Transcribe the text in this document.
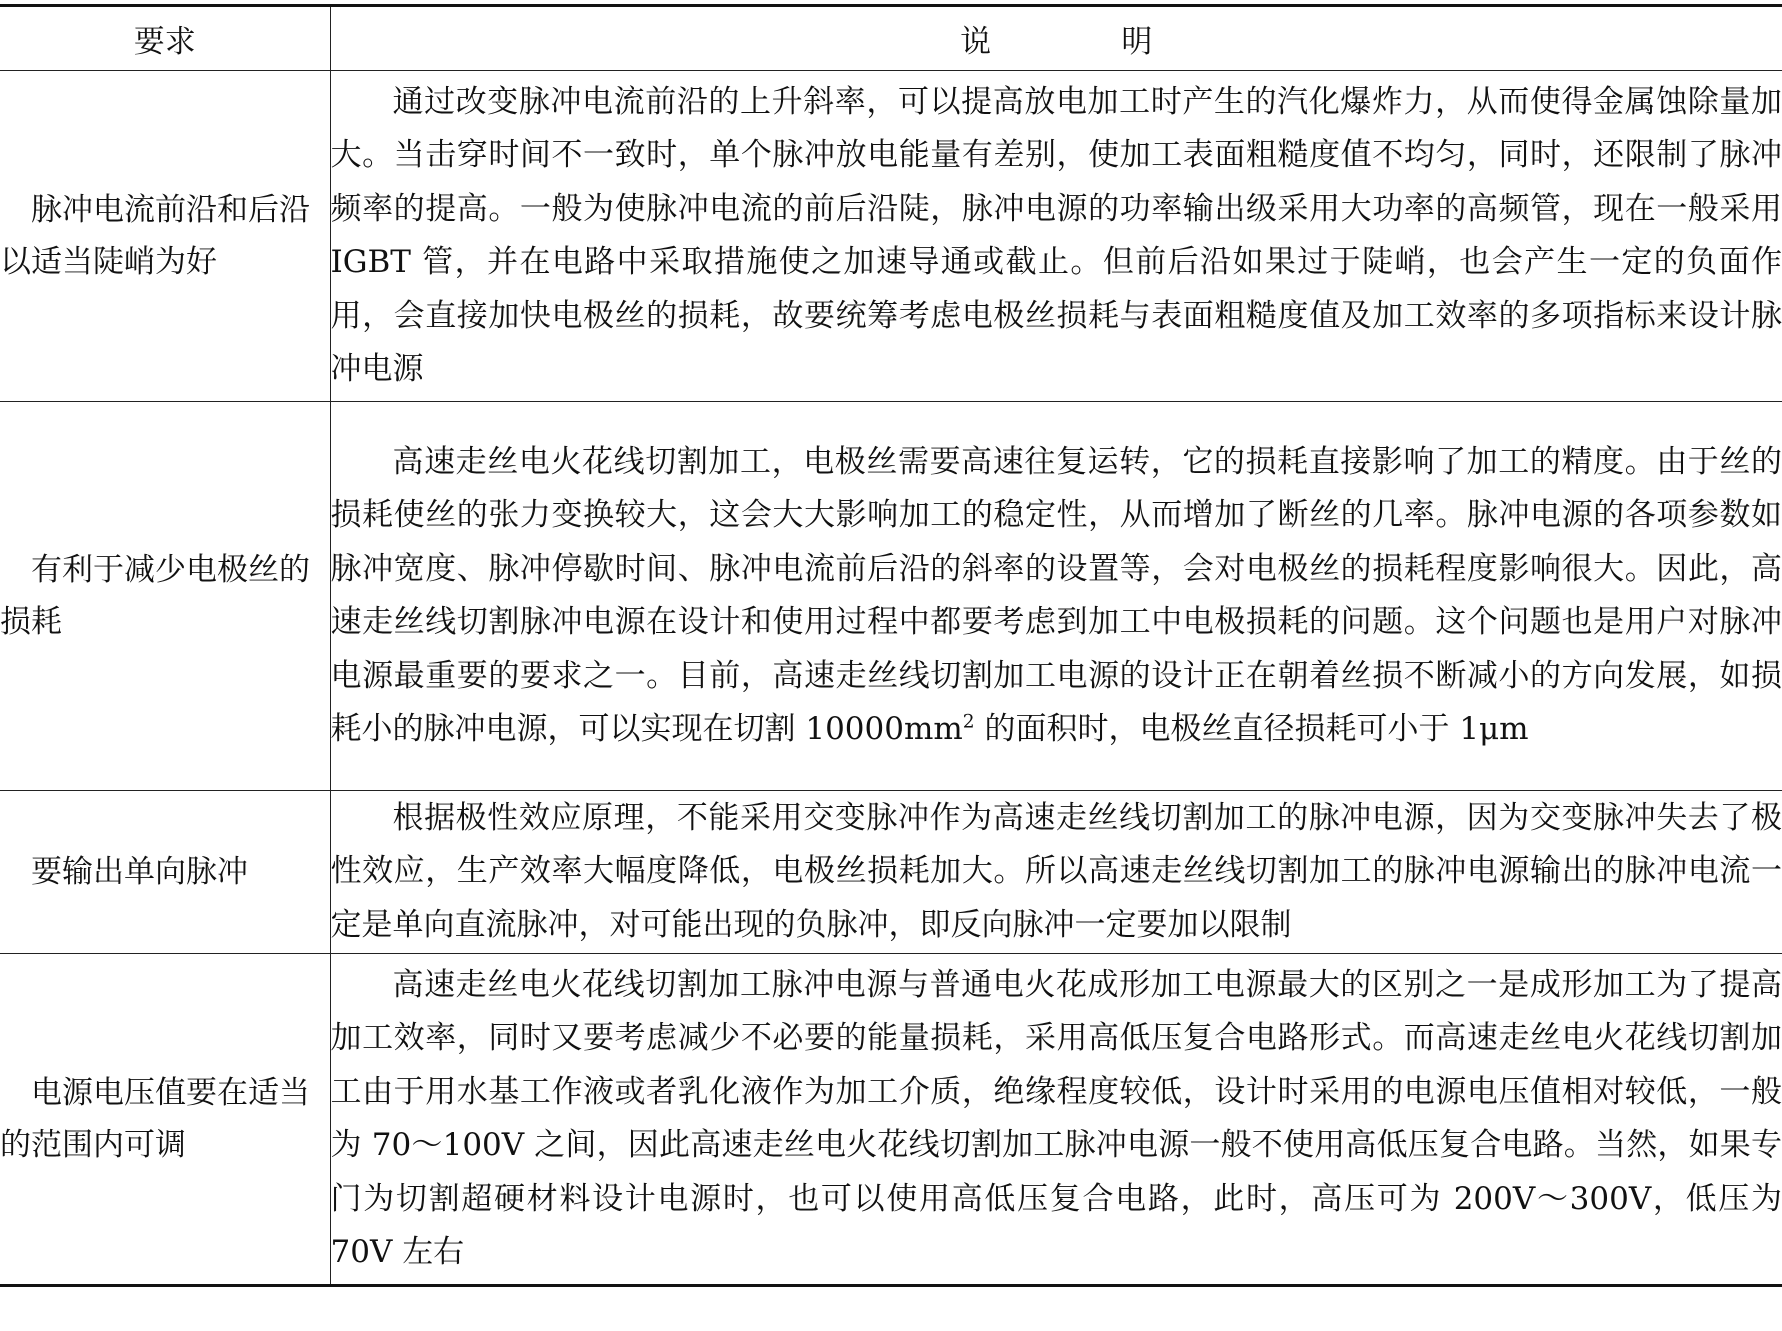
要求	说　明
脉冲电流前沿和后沿以适当陡峭为好	通过改变脉冲电流前沿的上升斜率，可以提高放电加工时产生的汽化爆炸力，从而使得金属蚀除量加大。当击穿时间不一致时，单个脉冲放电能量有差别，使加工表面粗糙度值不均匀，同时，还限制了脉冲频率的提高。一般为使脉冲电流的前后沿陡，脉冲电源的功率输出级采用大功率的高频管，现在一般采用 IGBT 管，并在电路中采取措施使之加速导通或截止。但前后沿如果过于陡峭，也会产生一定的负面作用，会直接加快电极丝的损耗，故要统筹考虑电极丝损耗与表面粗糙度值及加工效率的多项指标来设计脉冲电源
有利于减少电极丝的损耗	高速走丝电火花线切割加工，电极丝需要高速往复运转，它的损耗直接影响了加工的精度。由于丝的损耗使丝的张力变换较大，这会大大影响加工的稳定性，从而增加了断丝的几率。脉冲电源的各项参数如脉冲宽度、脉冲停歇时间、脉冲电流前后沿的斜率的设置等，会对电极丝的损耗程度影响很大。因此，高速走丝线切割脉冲电源在设计和使用过程中都要考虑到加工中电极损耗的问题。这个问题也是用户对脉冲电源最重要的要求之一。目前，高速走丝线切割加工电源的设计正在朝着丝损不断减小的方向发展，如损耗小的脉冲电源，可以实现在切割 $10000mm^2$ 的面积时，电极丝直径损耗可小于 1μm
要输出单向脉冲	根据极性效应原理，不能采用交变脉冲作为高速走丝线切割加工的脉冲电源，因为交变脉冲失去了极性效应，生产效率大幅度降低，电极丝损耗加大。所以高速走丝线切割加工的脉冲电源输出的脉冲电流一定是单向直流脉冲，对可能出现的负脉冲，即反向脉冲一定要加以限制
电源电压值要在适当的范围内可调	高速走丝电火花线切割加工脉冲电源与普通电火花成形加工电源最大的区别之一是成形加工为了提高加工效率，同时又要考虑减少不必要的能量损耗，采用高低压复合电路形式。而高速走丝电火花线切割加工由于用水基工作液或者乳化液作为加工介质，绝缘程度较低，设计时采用的电源电压值相对较低，一般为 70～100V 之间，因此高速走丝电火花线切割加工脉冲电源一般不使用高低压复合电路。当然，如果专门为切割超硬材料设计电源时，也可以使用高低压复合电路，此时，高压可为 200V～300V，低压为 70V 左右
